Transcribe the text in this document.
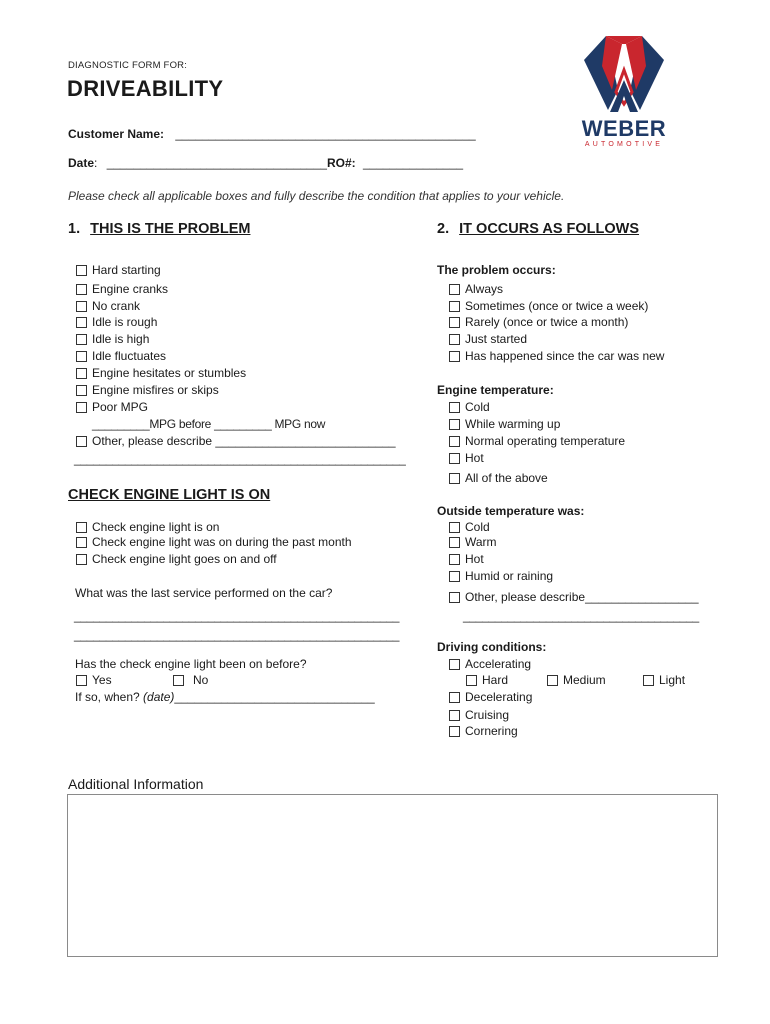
DIAGNOSTIC FORM FOR:
DRIVEABILITY
Customer Name: _____________________________________________
Date: _________________________________RO#: _______________
Please check all applicable boxes and fully describe the condition that applies to your vehicle.
WEBER
AUTOMOTIVE
1. THIS IS THE PROBLEM
Hard starting
Engine cranks
No crank
Idle is rough
Idle is high
Idle fluctuates
Engine hesitates or stumbles
Engine misfires or skips
Poor MPG
_________MPG before _________ MPG now
Other, please describe ___________________________
____________________________________________________
CHECK ENGINE LIGHT IS ON
Check engine light is on
Check engine light was on during the past month
Check engine light goes on and off
What was the last service performed on the car?
___________________________________________________
___________________________________________________
Has the check engine light been on before?
Yes	No
If so, when? (date)______________________________
2. IT OCCURS AS FOLLOWS
The problem occurs:
Always
Sometimes (once or twice a week)
Rarely (once or twice a month)
Just started
Has happened since the car was new
Engine temperature:
Cold
While warming up
Normal operating temperature
Hot
All of the above
Outside temperature was:
Cold
Warm
Hot
Humid or raining
Other, please describe_________________
_____________________________________
Driving conditions:
Accelerating
Hard	Medium	Light
Decelerating
Cruising
Cornering
Additional Information
